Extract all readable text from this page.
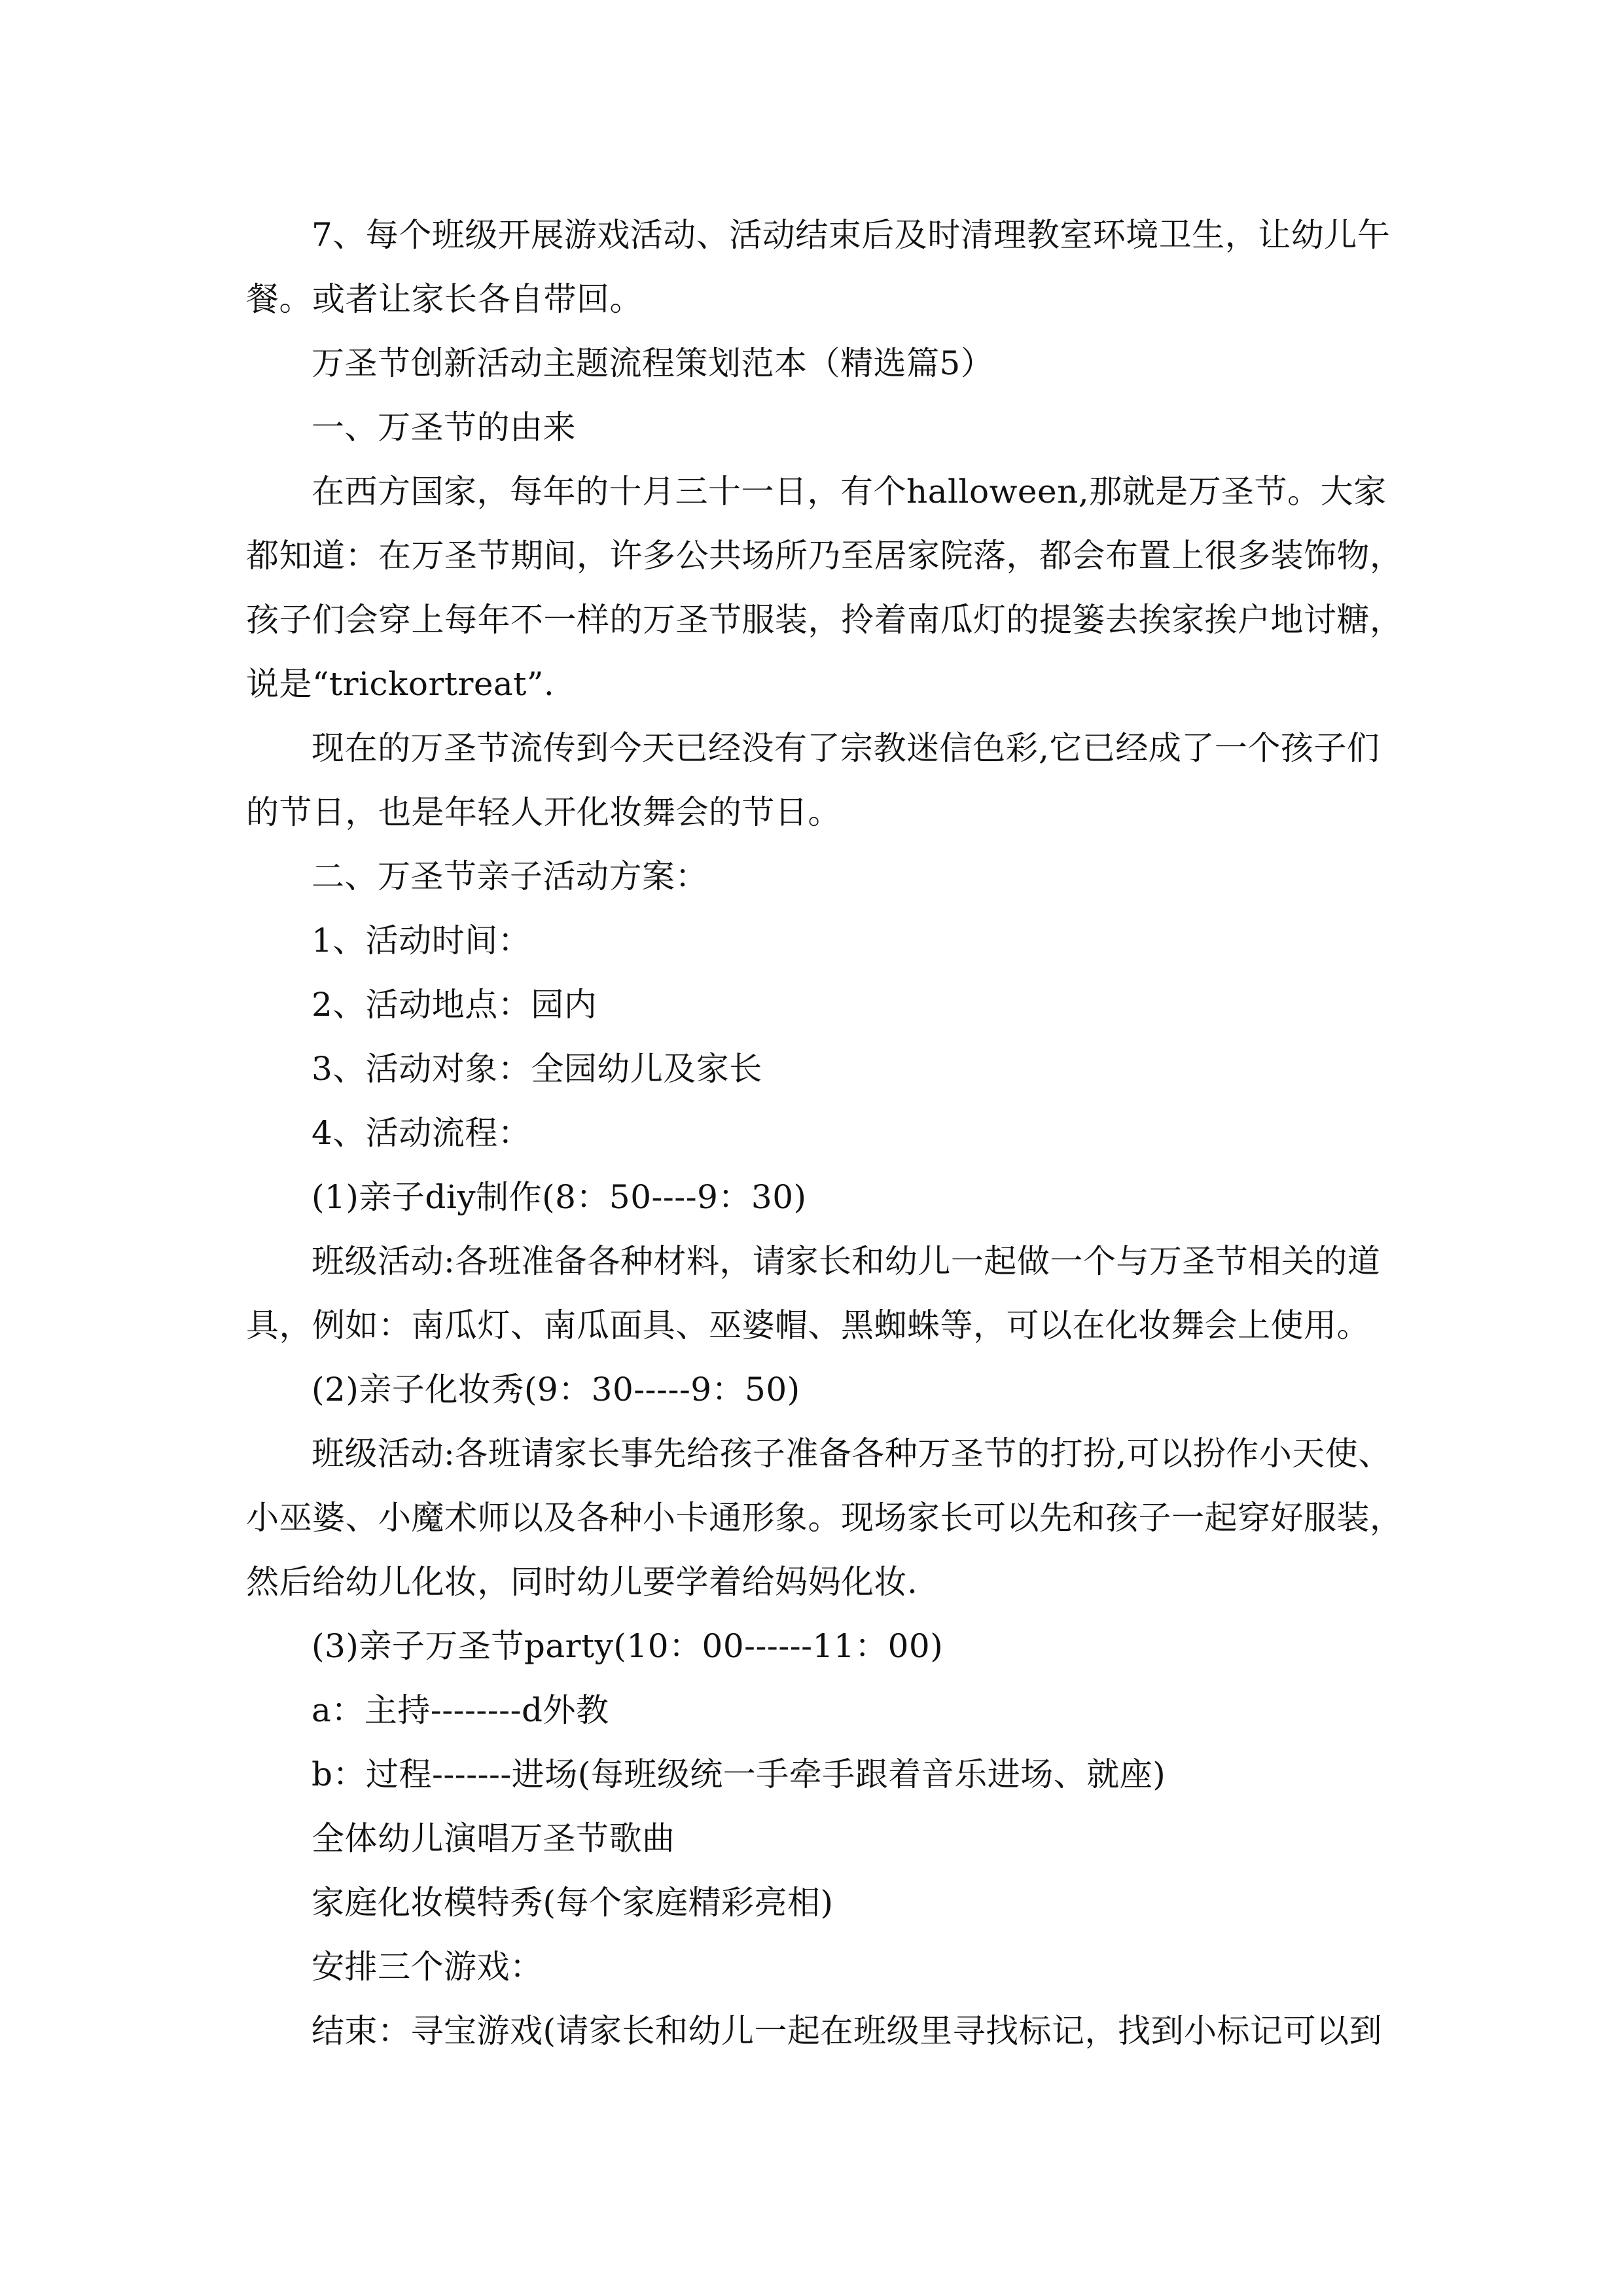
7、每个班级开展游戏活动、活动结束后及时清理教室环境卫生，让幼儿午
餐。或者让家长各自带回。
万圣节创新活动主题流程策划范本（精选篇5）
一、万圣节的由来
在西方国家，每年的十月三十一日，有个halloween,那就是万圣节。大家
都知道：在万圣节期间，许多公共场所乃至居家院落，都会布置上很多装饰物，
孩子们会穿上每年不一样的万圣节服装，拎着南瓜灯的提篓去挨家挨户地讨糖，
说是“trickortreat”.
现在的万圣节流传到今天已经没有了宗教迷信色彩,它已经成了一个孩子们
的节日，也是年轻人开化妆舞会的节日。
二、万圣节亲子活动方案：
1、活动时间：
2、活动地点：园内
3、活动对象：全园幼儿及家长
4、活动流程：
(1)亲子diy制作(8：50----9：30)
班级活动:各班准备各种材料，请家长和幼儿一起做一个与万圣节相关的道
具，例如：南瓜灯、南瓜面具、巫婆帽、黑蜘蛛等，可以在化妆舞会上使用。
(2)亲子化妆秀(9：30-----9：50)
班级活动:各班请家长事先给孩子准备各种万圣节的打扮,可以扮作小天使、
小巫婆、小魔术师以及各种小卡通形象。现场家长可以先和孩子一起穿好服装，
然后给幼儿化妆，同时幼儿要学着给妈妈化妆.
(3)亲子万圣节party(10：00------11：00)
a：主持--------d外教
b：过程-------进场(每班级统一手牵手跟着音乐进场、就座)
全体幼儿演唱万圣节歌曲
家庭化妆模特秀(每个家庭精彩亮相)
安排三个游戏：
结束：寻宝游戏(请家长和幼儿一起在班级里寻找标记，找到小标记可以到
